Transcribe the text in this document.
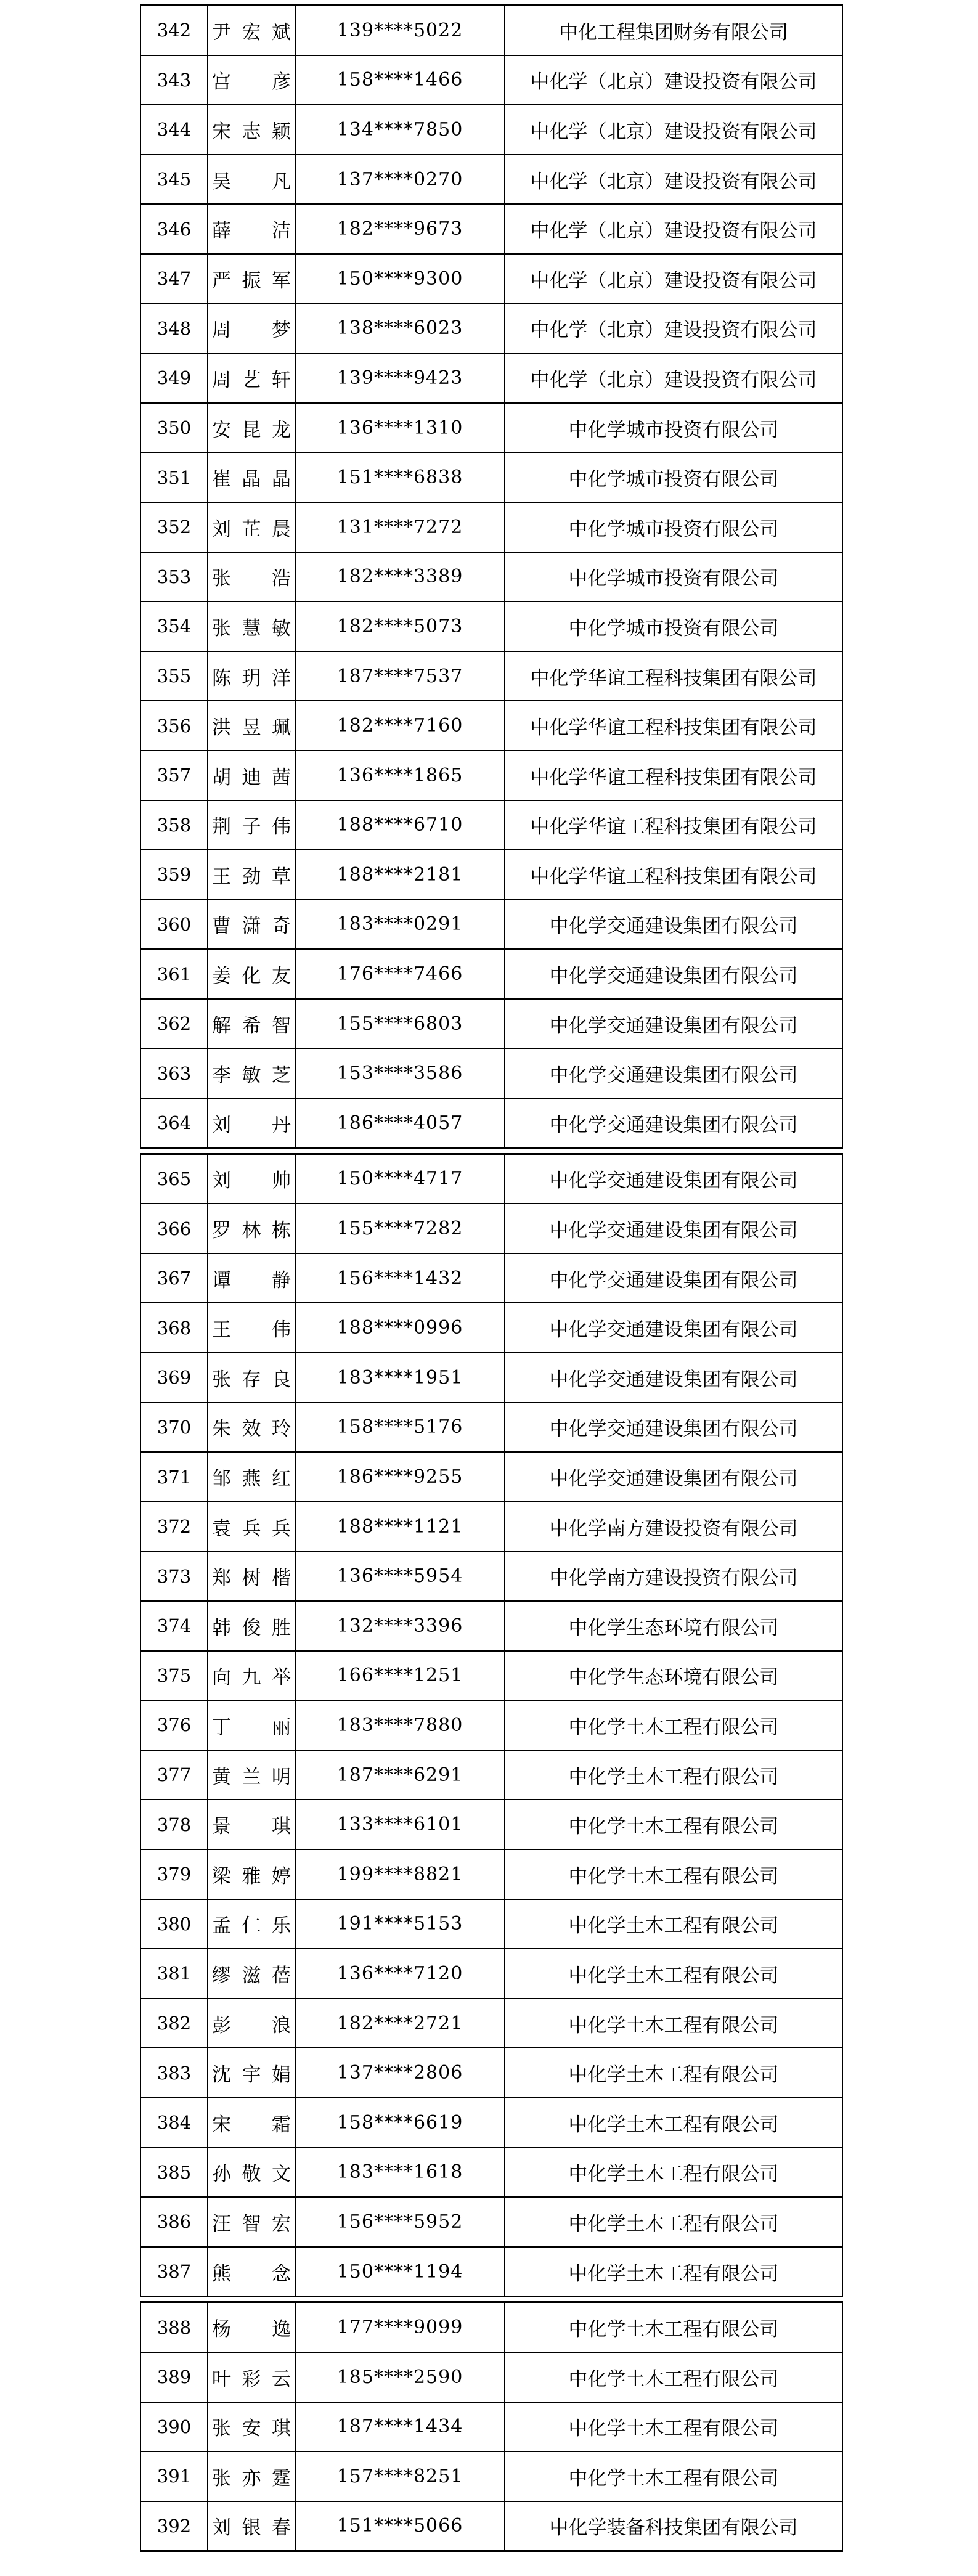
342	尹宏斌	139****5022	中化工程集团财务有限公司
343	宫彦	158****1466	中化学（北京）建设投资有限公司
344	宋志颖	134****7850	中化学（北京）建设投资有限公司
345	吴凡	137****0270	中化学（北京）建设投资有限公司
346	薛洁	182****9673	中化学（北京）建设投资有限公司
347	严振军	150****9300	中化学（北京）建设投资有限公司
348	周梦	138****6023	中化学（北京）建设投资有限公司
349	周艺轩	139****9423	中化学（北京）建设投资有限公司
350	安昆龙	136****1310	中化学城市投资有限公司
351	崔晶晶	151****6838	中化学城市投资有限公司
352	刘芷晨	131****7272	中化学城市投资有限公司
353	张浩	182****3389	中化学城市投资有限公司
354	张慧敏	182****5073	中化学城市投资有限公司
355	陈玥洋	187****7537	中化学华谊工程科技集团有限公司
356	洪昱珮	182****7160	中化学华谊工程科技集团有限公司
357	胡迪茜	136****1865	中化学华谊工程科技集团有限公司
358	荆子伟	188****6710	中化学华谊工程科技集团有限公司
359	王劲草	188****2181	中化学华谊工程科技集团有限公司
360	曹潇奇	183****0291	中化学交通建设集团有限公司
361	姜化友	176****7466	中化学交通建设集团有限公司
362	解希智	155****6803	中化学交通建设集团有限公司
363	李敏芝	153****3586	中化学交通建设集团有限公司
364	刘丹	186****4057	中化学交通建设集团有限公司
365	刘帅	150****4717	中化学交通建设集团有限公司
366	罗林栋	155****7282	中化学交通建设集团有限公司
367	谭静	156****1432	中化学交通建设集团有限公司
368	王伟	188****0996	中化学交通建设集团有限公司
369	张存良	183****1951	中化学交通建设集团有限公司
370	朱效玲	158****5176	中化学交通建设集团有限公司
371	邹燕红	186****9255	中化学交通建设集团有限公司
372	袁兵兵	188****1121	中化学南方建设投资有限公司
373	郑树楷	136****5954	中化学南方建设投资有限公司
374	韩俊胜	132****3396	中化学生态环境有限公司
375	向九举	166****1251	中化学生态环境有限公司
376	丁丽	183****7880	中化学土木工程有限公司
377	黄兰明	187****6291	中化学土木工程有限公司
378	景琪	133****6101	中化学土木工程有限公司
379	梁雅婷	199****8821	中化学土木工程有限公司
380	孟仁乐	191****5153	中化学土木工程有限公司
381	缪滋蓓	136****7120	中化学土木工程有限公司
382	彭浪	182****2721	中化学土木工程有限公司
383	沈宇娟	137****2806	中化学土木工程有限公司
384	宋霜	158****6619	中化学土木工程有限公司
385	孙敬文	183****1618	中化学土木工程有限公司
386	汪智宏	156****5952	中化学土木工程有限公司
387	熊念	150****1194	中化学土木工程有限公司
388	杨逸	177****9099	中化学土木工程有限公司
389	叶彩云	185****2590	中化学土木工程有限公司
390	张安琪	187****1434	中化学土木工程有限公司
391	张亦霆	157****8251	中化学土木工程有限公司
392	刘银春	151****5066	中化学装备科技集团有限公司
